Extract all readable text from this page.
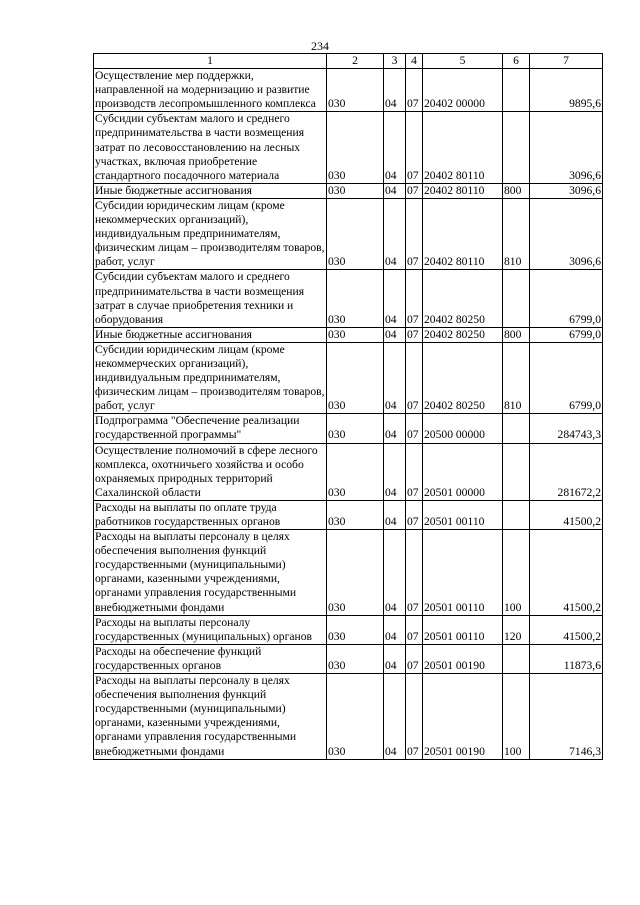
234
1	2	3	4	5	6	7
Осуществление мер поддержки, направленной на модернизацию и развитие производств лесопромышленного комплекса	030	04	07	20402 00000		9895,6
Субсидии субъектам малого и среднего предпринимательства в части возмещения затрат по лесовосстановлению на лесных участках, включая приобретение стандартного посадочного материала	030	04	07	20402 80110		3096,6
Иные бюджетные ассигнования	030	04	07	20402 80110	800	3096,6
Субсидии юридическим лицам (кроме некоммерческих организаций), индивидуальным предпринимателям, физическим лицам – производителям товаров, работ, услуг	030	04	07	20402 80110	810	3096,6
Субсидии субъектам малого и среднего предпринимательства в части возмещения затрат в случае приобретения техники и оборудования	030	04	07	20402 80250		6799,0
Иные бюджетные ассигнования	030	04	07	20402 80250	800	6799,0
Субсидии юридическим лицам (кроме некоммерческих организаций), индивидуальным предпринимателям, физическим лицам – производителям товаров, работ, услуг	030	04	07	20402 80250	810	6799,0
Подпрограмма "Обеспечение реализации государственной программы"	030	04	07	20500 00000		284743,3
Осуществление полномочий в сфере лесного комплекса, охотничьего хозяйства и особо охраняемых природных территорий Сахалинской области	030	04	07	20501 00000		281672,2
Расходы на выплаты по оплате труда работников государственных органов	030	04	07	20501 00110		41500,2
Расходы на выплаты персоналу в целях обеспечения выполнения функций государственными (муниципальными) органами, казенными учреждениями, органами управления государственными внебюджетными фондами	030	04	07	20501 00110	100	41500,2
Расходы на выплаты персоналу государственных (муниципальных) органов	030	04	07	20501 00110	120	41500,2
Расходы на обеспечение функций государственных органов	030	04	07	20501 00190		11873,6
Расходы на выплаты персоналу в целях обеспечения выполнения функций государственными (муниципальными) органами, казенными учреждениями, органами управления государственными внебюджетными фондами	030	04	07	20501 00190	100	7146,3
